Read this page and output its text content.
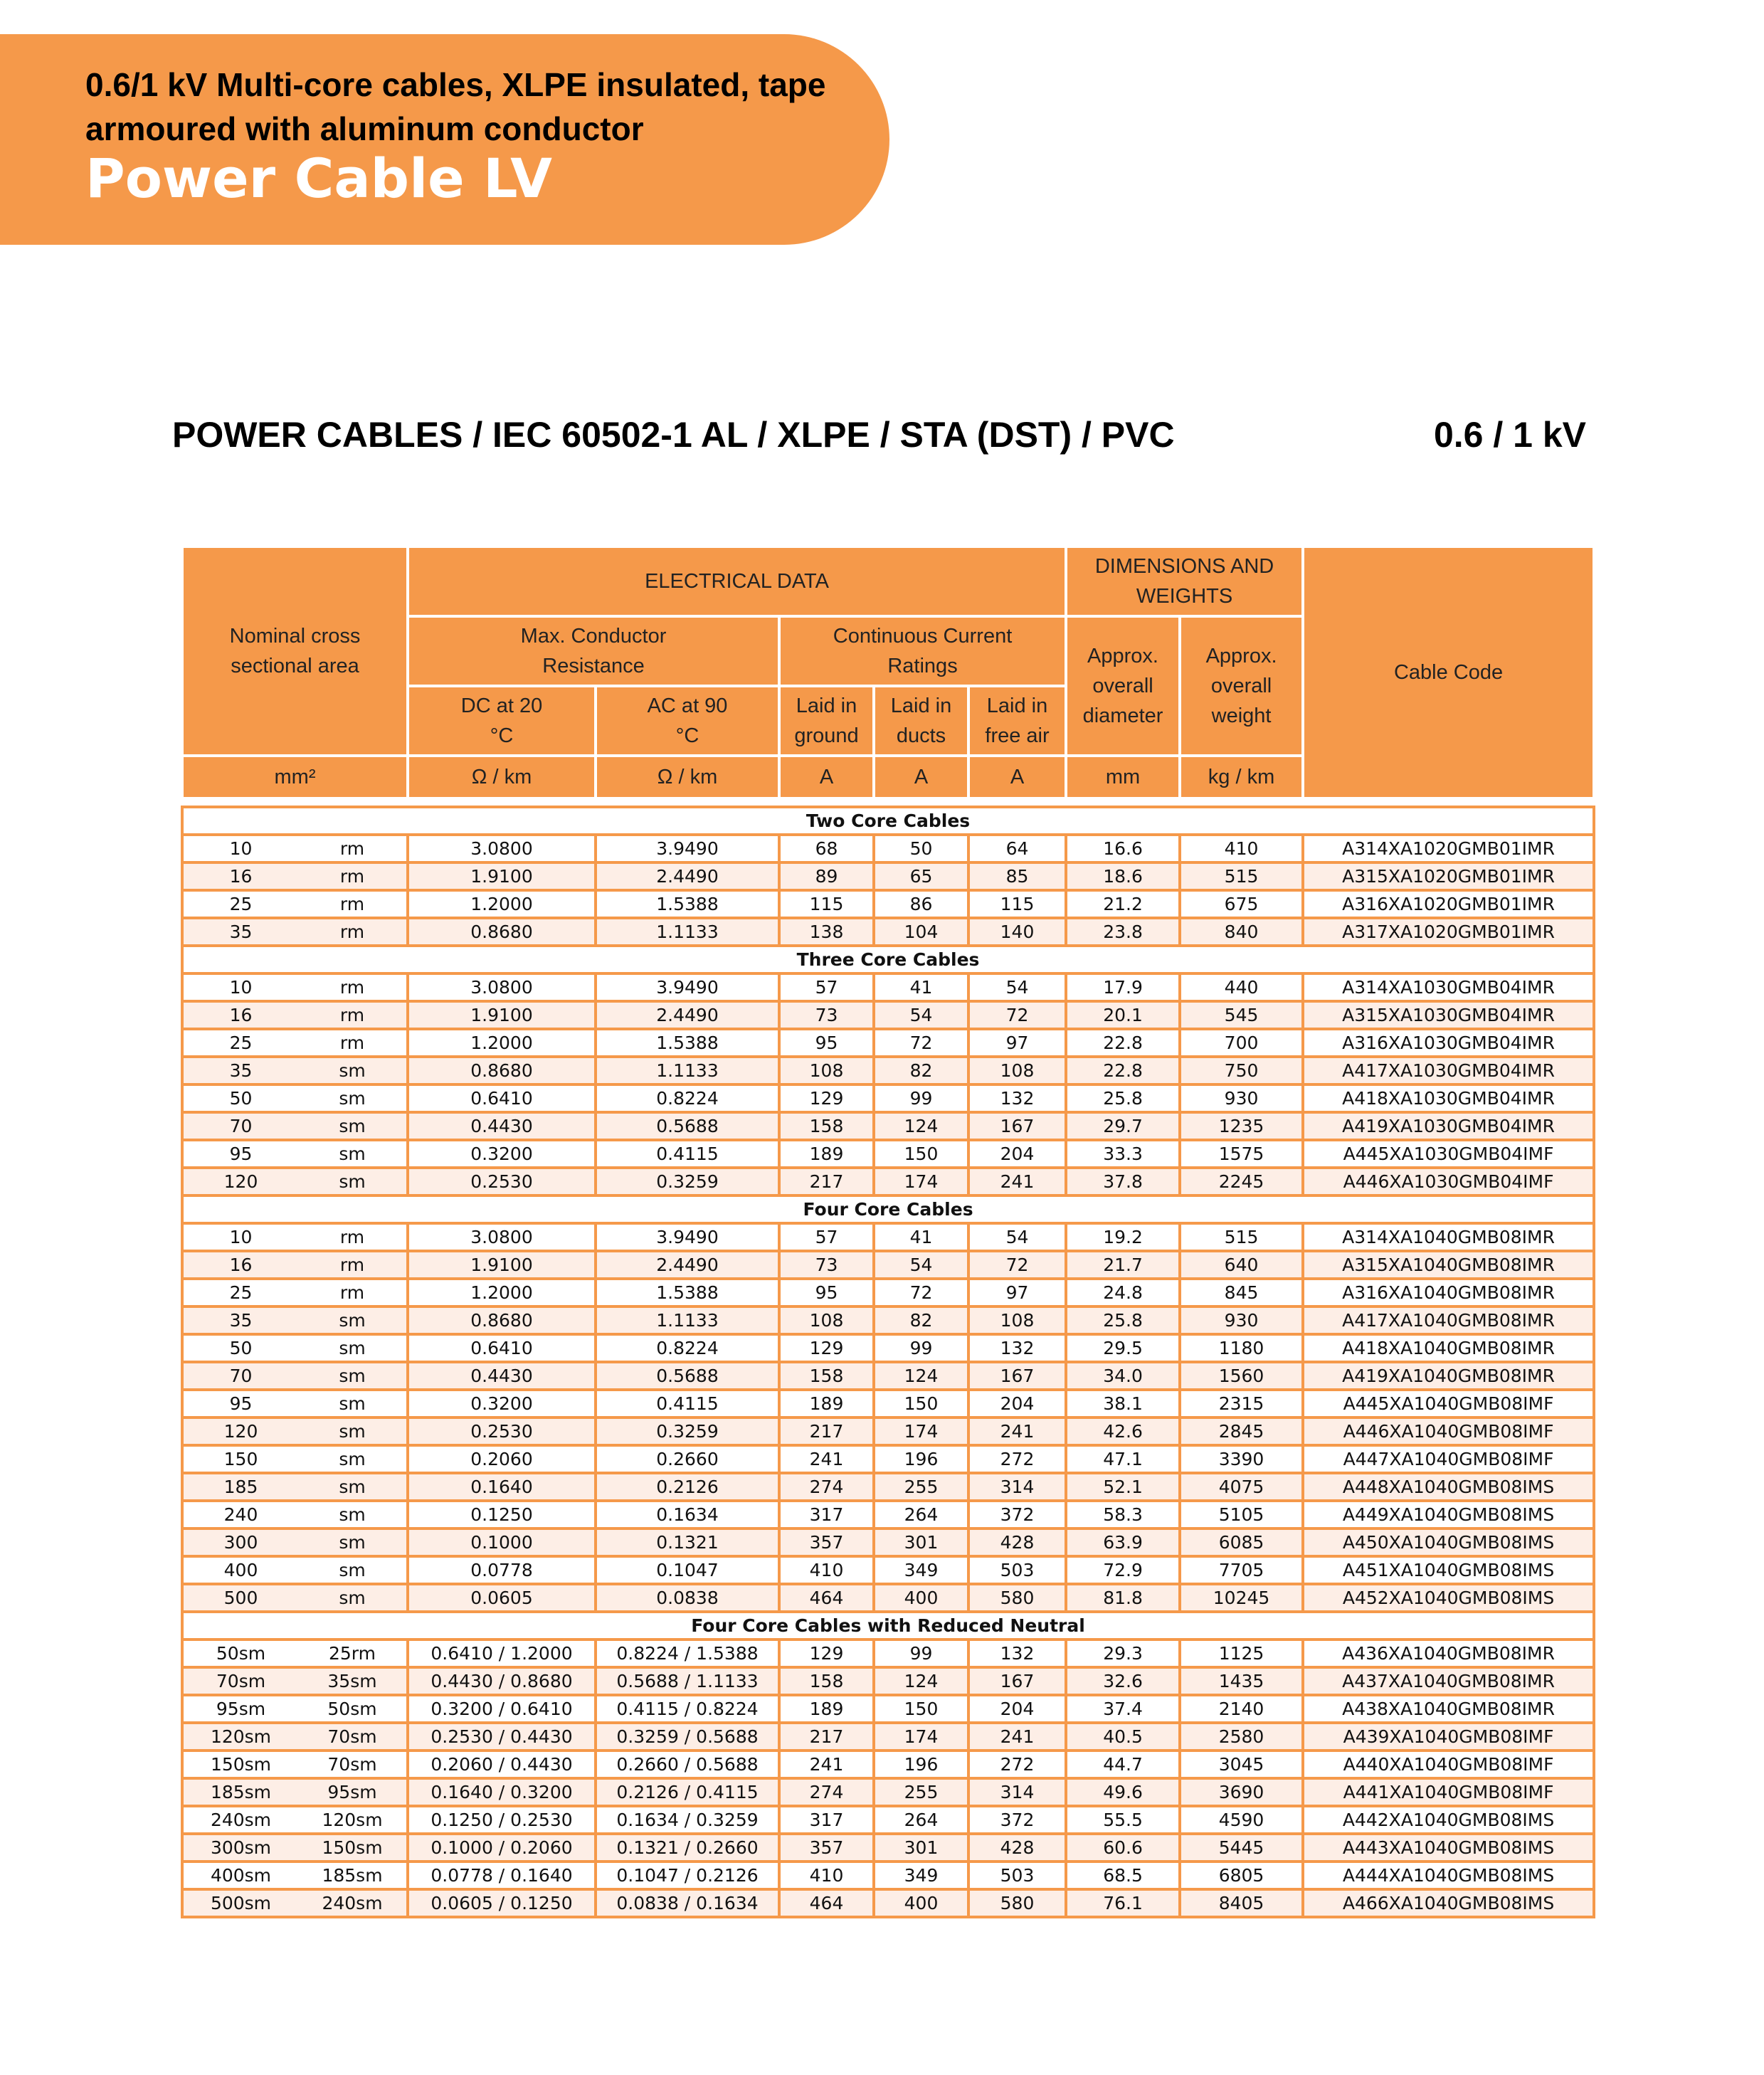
0.6/1 kV Multi-core cables, XLPE insulated, tape armoured with aluminum conductor
Power Cable LV
POWER CABLES / IEC 60502-1 AL / XLPE / STA (DST) / PVC	0.6 / 1 kV
Nominal cross sectional area		ELECTRICAL DATA					DIMENSIONS AND WEIGHTS		Cable Code
		Max. Conductor Resistance		Continuous Current Ratings			Approx. overall diameter	Approx. overall weight	
		DC at 20 °C	AC at 90 °C	Laid in ground	Laid in ducts	Laid in free air			
mm²		Ω / km	Ω / km	A	A	A	mm	kg / km	

Two Core Cables									
10	rm	3.0800	3.9490	68	50	64	16.6	410	A314XA1020GMB01IMR
16	rm	1.9100	2.4490	89	65	85	18.6	515	A315XA1020GMB01IMR
25	rm	1.2000	1.5388	115	86	115	21.2	675	A316XA1020GMB01IMR
35	rm	0.8680	1.1133	138	104	140	23.8	840	A317XA1020GMB01IMR
Three Core Cables									
10	rm	3.0800	3.9490	57	41	54	17.9	440	A314XA1030GMB04IMR
16	rm	1.9100	2.4490	73	54	72	20.1	545	A315XA1030GMB04IMR
25	rm	1.2000	1.5388	95	72	97	22.8	700	A316XA1030GMB04IMR
35	sm	0.8680	1.1133	108	82	108	22.8	750	A417XA1030GMB04IMR
50	sm	0.6410	0.8224	129	99	132	25.8	930	A418XA1030GMB04IMR
70	sm	0.4430	0.5688	158	124	167	29.7	1235	A419XA1030GMB04IMR
95	sm	0.3200	0.4115	189	150	204	33.3	1575	A445XA1030GMB04IMF
120	sm	0.2530	0.3259	217	174	241	37.8	2245	A446XA1030GMB04IMF
Four Core Cables									
10	rm	3.0800	3.9490	57	41	54	19.2	515	A314XA1040GMB08IMR
16	rm	1.9100	2.4490	73	54	72	21.7	640	A315XA1040GMB08IMR
25	rm	1.2000	1.5388	95	72	97	24.8	845	A316XA1040GMB08IMR
35	sm	0.8680	1.1133	108	82	108	25.8	930	A417XA1040GMB08IMR
50	sm	0.6410	0.8224	129	99	132	29.5	1180	A418XA1040GMB08IMR
70	sm	0.4430	0.5688	158	124	167	34.0	1560	A419XA1040GMB08IMR
95	sm	0.3200	0.4115	189	150	204	38.1	2315	A445XA1040GMB08IMF
120	sm	0.2530	0.3259	217	174	241	42.6	2845	A446XA1040GMB08IMF
150	sm	0.2060	0.2660	241	196	272	47.1	3390	A447XA1040GMB08IMF
185	sm	0.1640	0.2126	274	255	314	52.1	4075	A448XA1040GMB08IMS
240	sm	0.1250	0.1634	317	264	372	58.3	5105	A449XA1040GMB08IMS
300	sm	0.1000	0.1321	357	301	428	63.9	6085	A450XA1040GMB08IMS
400	sm	0.0778	0.1047	410	349	503	72.9	7705	A451XA1040GMB08IMS
500	sm	0.0605	0.0838	464	400	580	81.8	10245	A452XA1040GMB08IMS
Four Core Cables with Reduced Neutral									
50sm	25rm	0.6410 / 1.2000	0.8224 / 1.5388	129	99	132	29.3	1125	A436XA1040GMB08IMR
70sm	35sm	0.4430 / 0.8680	0.5688 / 1.1133	158	124	167	32.6	1435	A437XA1040GMB08IMR
95sm	50sm	0.3200 / 0.6410	0.4115 / 0.8224	189	150	204	37.4	2140	A438XA1040GMB08IMR
120sm	70sm	0.2530 / 0.4430	0.3259 / 0.5688	217	174	241	40.5	2580	A439XA1040GMB08IMF
150sm	70sm	0.2060 / 0.4430	0.2660 / 0.5688	241	196	272	44.7	3045	A440XA1040GMB08IMF
185sm	95sm	0.1640 / 0.3200	0.2126 / 0.4115	274	255	314	49.6	3690	A441XA1040GMB08IMF
240sm	120sm	0.1250 / 0.2530	0.1634 / 0.3259	317	264	372	55.5	4590	A442XA1040GMB08IMS
300sm	150sm	0.1000 / 0.2060	0.1321 / 0.2660	357	301	428	60.6	5445	A443XA1040GMB08IMS
400sm	185sm	0.0778 / 0.1640	0.1047 / 0.2126	410	349	503	68.5	6805	A444XA1040GMB08IMS
500sm	240sm	0.0605 / 0.1250	0.0838 / 0.1634	464	400	580	76.1	8405	A466XA1040GMB08IMS
